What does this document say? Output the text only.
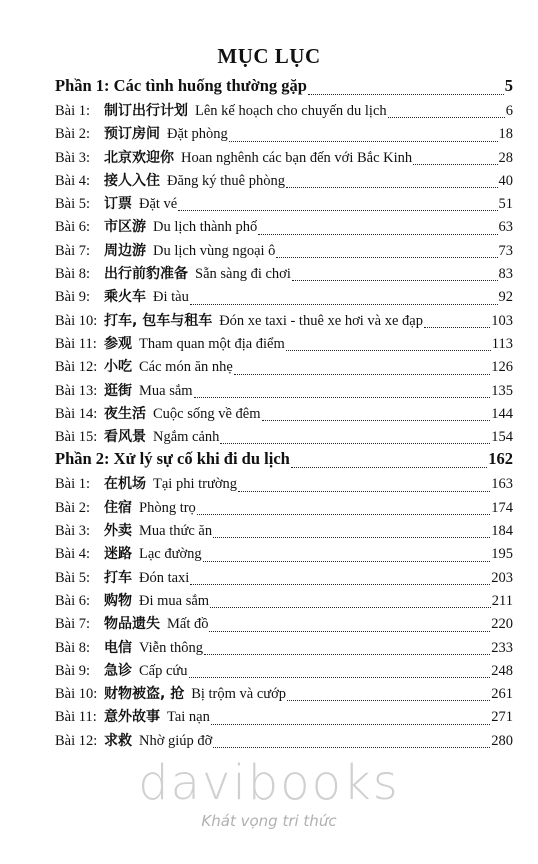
MỤC LỤC
Phần 1: Các tình huống thường gặp	5
Bài 1: 制订出行计划 Lên kế hoạch cho chuyến du lịch	6
Bài 2: 预订房间 Đặt phòng	18
Bài 3: 北京欢迎你 Hoan nghênh các bạn đến với Bắc Kinh	28
Bài 4: 接人入住 Đăng ký thuê phòng	40
Bài 5: 订票 Đặt vé	51
Bài 6: 市区游 Du lịch thành phố	63
Bài 7: 周边游 Du lịch vùng ngoại ô	73
Bài 8: 出行前豹准备 Sẵn sàng đi chơi	83
Bài 9: 乘火车 Đi tàu	92
Bài 10: 打车, 包车与租车 Đón xe taxi - thuê xe hơi và xe đạp	103
Bài 11: 参观 Tham quan một địa điểm	113
Bài 12: 小吃 Các món ăn nhẹ	126
Bài 13: 逛街 Mua sắm	135
Bài 14: 夜生活 Cuộc sống về đêm	144
Bài 15: 看风景 Ngắm cảnh	154
Phần 2: Xử lý sự cố khi đi du lịch	162
Bài 1: 在机场 Tại phi trường	163
Bài 2: 住宿 Phòng trọ	174
Bài 3: 外卖 Mua thức ăn	184
Bài 4: 迷路 Lạc đường	195
Bài 5: 打车 Đón taxi	203
Bài 6: 购物 Đi mua sắm	211
Bài 7: 物品遗失 Mất đồ	220
Bài 8: 电信 Viễn thông	233
Bài 9: 急诊 Cấp cứu	248
Bài 10: 财物被盗, 抢 Bị trộm và cướp	261
Bài 11: 意外故事 Tai nạn	271
Bài 12: 求救 Nhờ giúp đỡ	280
davibooks
Khát vọng tri thức
